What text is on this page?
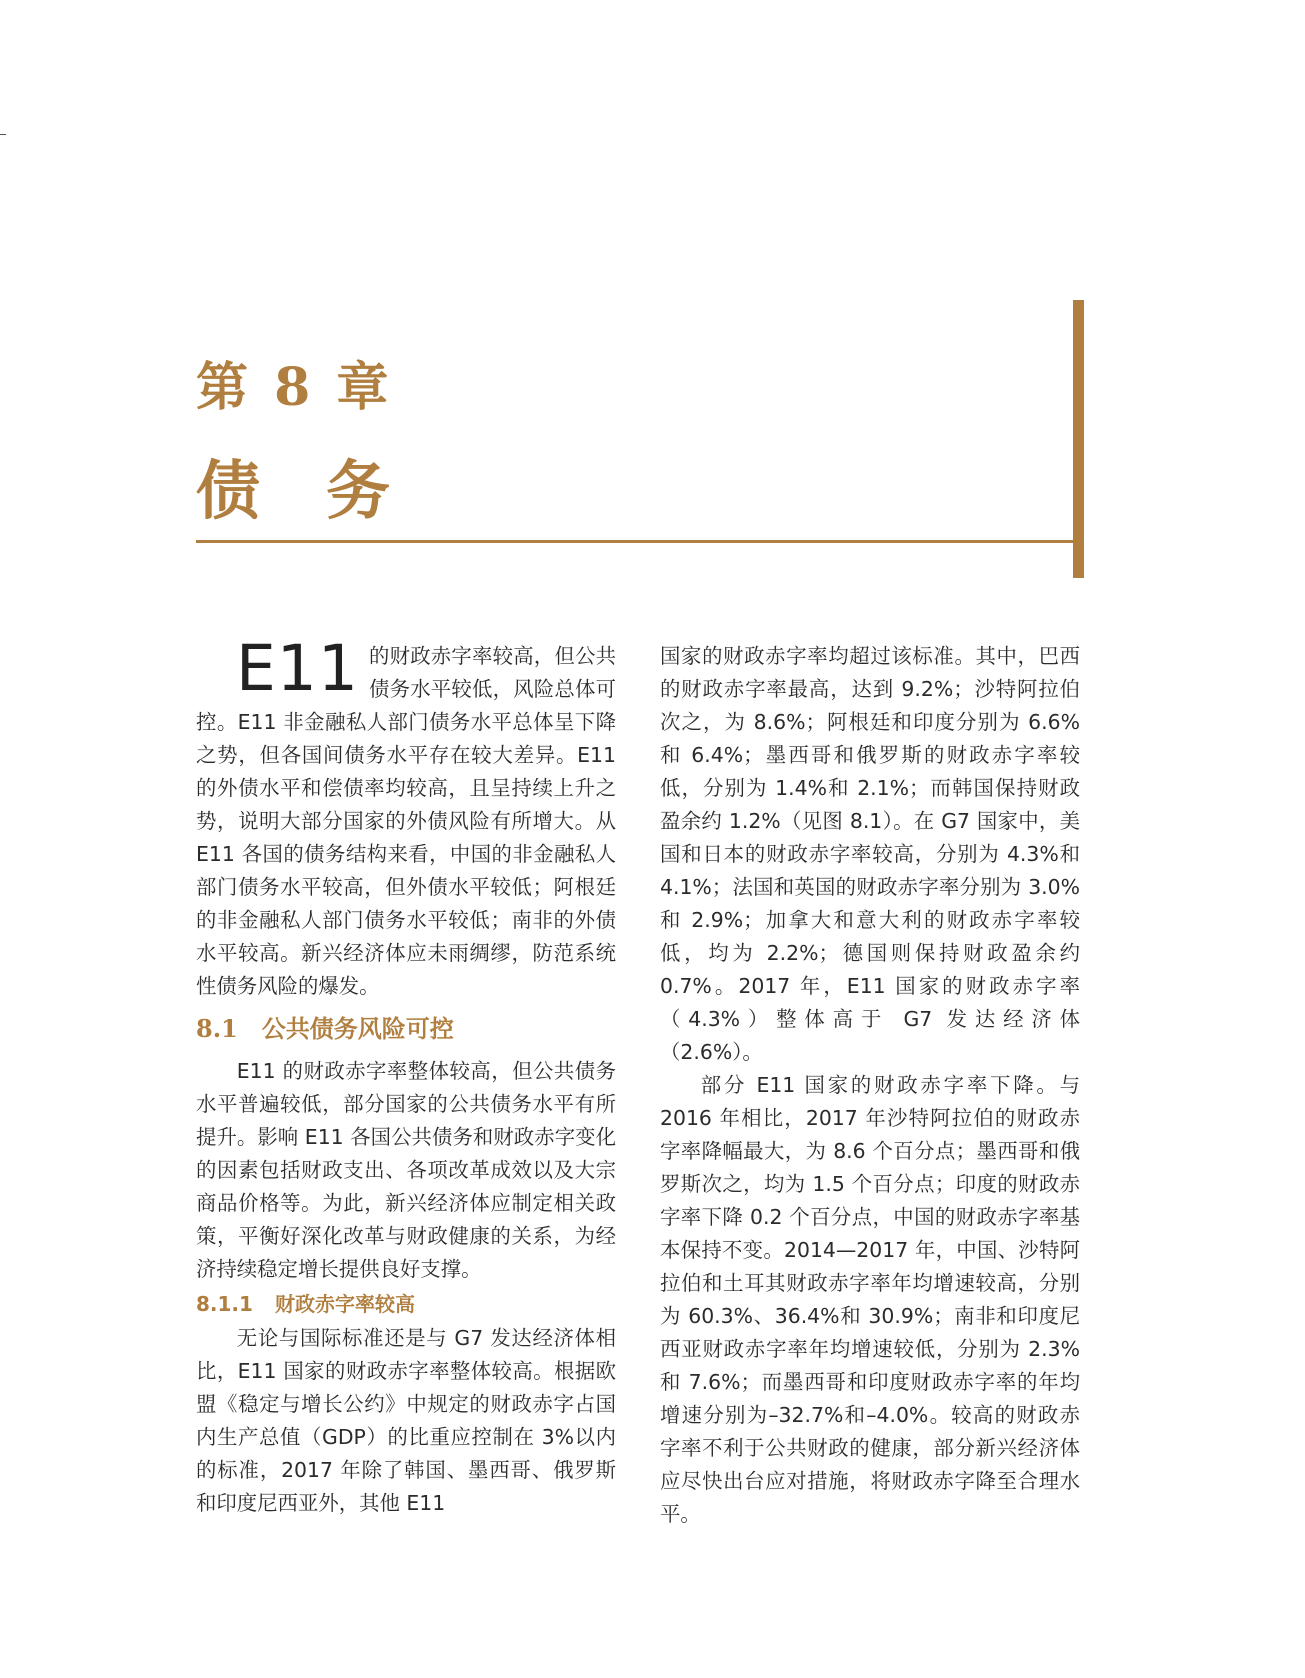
第 8 章
债务

E11 的财政赤字率较高，但公共债务水平较低，风险总体可控。E11 非金融私人部门债务水平总体呈下降之势，但各国间债务水平存在较大差异。E11 的外债水平和偿债率均较高，且呈持续上升之势，说明大部分国家的外债风险有所增大。从 E11 各国的债务结构来看，中国的非金融私人部门债务水平较高，但外债水平较低；阿根廷的非金融私人部门债务水平较低；南非的外债水平较高。新兴经济体应未雨绸缪，防范系统性债务风险的爆发。

8.1 公共债务风险可控

E11 的财政赤字率整体较高，但公共债务水平普遍较低，部分国家的公共债务水平有所提升。影响 E11 各国公共债务和财政赤字变化的因素包括财政支出、各项改革成效以及大宗商品价格等。为此，新兴经济体应制定相关政策，平衡好深化改革与财政健康的关系，为经济持续稳定增长提供良好支撑。

8.1.1 财政赤字率较高

无论与国际标准还是与 G7 发达经济体相比，E11 国家的财政赤字率整体较高。根据欧盟《稳定与增长公约》中规定的财政赤字占国内生产总值（GDP）的比重应控制在 3%以内的标准，2017 年除了韩国、墨西哥、俄罗斯和印度尼西亚外，其他 E11

国家的财政赤字率均超过该标准。其中，巴西的财政赤字率最高，达到 9.2%；沙特阿拉伯次之，为 8.6%；阿根廷和印度分别为 6.6%和 6.4%；墨西哥和俄罗斯的财政赤字率较低，分别为 1.4%和 2.1%；而韩国保持财政盈余约 1.2%（见图 8.1）。在 G7 国家中，美国和日本的财政赤字率较高，分别为 4.3%和 4.1%；法国和英国的财政赤字率分别为 3.0%和 2.9%；加拿大和意大利的财政赤字率较低，均为 2.2%；德国则保持财政盈余约 0.7%。2017 年，E11 国家的财政赤字率（4.3%）整体高于 G7 发达经济体（2.6%）。

部分 E11 国家的财政赤字率下降。与 2016 年相比，2017 年沙特阿拉伯的财政赤字率降幅最大，为 8.6 个百分点；墨西哥和俄罗斯次之，均为 1.5 个百分点；印度的财政赤字率下降 0.2 个百分点，中国的财政赤字率基本保持不变。2014—2017 年，中国、沙特阿拉伯和土耳其财政赤字率年均增速较高，分别为 60.3%、36.4%和 30.9%；南非和印度尼西亚财政赤字率年均增速较低，分别为 2.3%和 7.6%；而墨西哥和印度财政赤字率的年均增速分别为–32.7%和–4.0%。较高的财政赤字率不利于公共财政的健康，部分新兴经济体应尽快出台应对措施，将财政赤字降至合理水平。
